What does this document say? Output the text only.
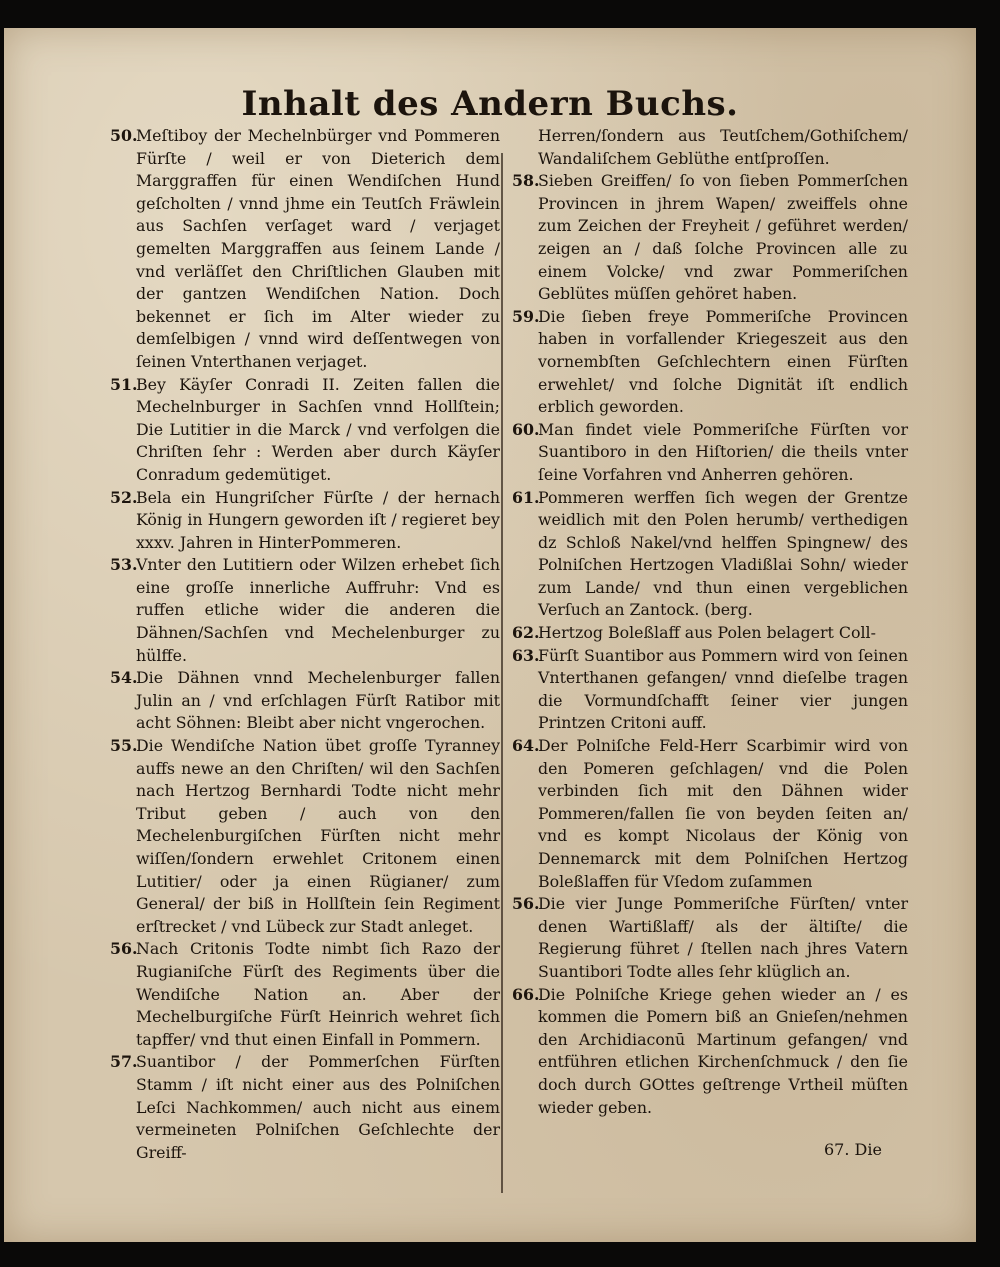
Inhalt des Andern Buchs.
50.
Meſtiboy der Mechelnbürger vnd Pommeren Fürſte / weil er von Dieterich dem Marggraffen für einen Wendiſchen Hund geſcholten / vnnd jhme ein Teutſch Fräwlein aus Sachſen verſaget ward / verjaget gemelten Marggraffen aus ſeinem Lande / vnd verläſſet den Chriſtlichen Glauben mit der gantzen Wendiſchen Nation. Doch bekennet er ſich im Alter wieder zu demſelbigen / vnnd wird deſſentwegen von ſeinen Vnterthanen verjaget.
51.
Bey Käyſer Conradi II. Zeiten fallen die Mechelnburger in Sachſen vnnd Hollſtein; Die Lutitier in die Marck / vnd verfolgen die Chriſten ſehr : Werden aber durch Käyſer Conradum gedemütiget.
52.
Bela ein Hungriſcher Fürſte / der hernach König in Hungern geworden iſt / regieret bey xxxv. Jahren in HinterPommeren.
53.
Vnter den Lutitiern oder Wilzen erhebet ſich eine groſſe innerliche Auffruhr: Vnd es ruffen etliche wider die anderen die Dähnen/Sachſen vnd Mechelenburger zu hülffe.
54.
Die Dähnen vnnd Mechelenburger fallen Julin an / vnd erſchlagen Fürſt Ratibor mit acht Söhnen: Bleibt aber nicht vngerochen.
55.
Die Wendiſche Nation übet groſſe Tyranney auffs newe an den Chriſten/ wil den Sachſen nach Hertzog Bernhardi Todte nicht mehr Tribut geben / auch von den Mechelenburgiſchen Fürſten nicht mehr wiſſen/ſondern erwehlet Critonem einen Lutitier/ oder ja einen Rügianer/ zum General/ der biß in Hollſtein ſein Regiment erſtrecket / vnd Lübeck zur Stadt anleget.
56.
Nach Critonis Todte nimbt ſich Razo der Rugianiſche Fürſt des Regiments über die Wendiſche Nation an. Aber der Mechelburgiſche Fürſt Heinrich wehret ſich tapffer/ vnd thut einen Einfall in Pommern.
57.
Suantibor / der Pommerſchen Fürſten Stamm / iſt nicht einer aus des Polniſchen Leſci Nachkommen/ auch nicht aus einem vermeineten Polniſchen Geſchlechte der Greiff-
Herren/ſondern aus Teutſchem/Gothiſchem/ Wandaliſchem Geblüthe entſproſſen.
58.
Sieben Greiffen/ ſo von ſieben Pommerſchen Provincen in jhrem Wapen/ zweiffels ohne zum Zeichen der Freyheit / geführet werden/ zeigen an / daß ſolche Provincen alle zu einem Volcke/ vnd zwar Pommeriſchen Geblütes müſſen gehöret haben.
59.
Die ſieben freye Pommeriſche Provincen haben in vorfallender Kriegeszeit aus den vornembſten Geſchlechtern einen Fürſten erwehlet/ vnd ſolche Dignität iſt endlich erblich geworden.
60.
Man findet viele Pommeriſche Fürſten vor Suantiboro in den Hiſtorien/ die theils vnter ſeine Vorfahren vnd Anherren gehören.
61.
Pommeren werffen ſich wegen der Grentze weidlich mit den Polen herumb/ verthedigen dz Schloß Nakel/vnd helffen Spingnew/ des Polniſchen Hertzogen Vladißlai Sohn/ wieder zum Lande/ vnd thun einen vergeblichen Verſuch an Zantock. (berg.
62.
Hertzog Boleßlaff aus Polen belagert Coll-
63.
Fürſt Suantibor aus Pommern wird von ſeinen Vnterthanen gefangen/ vnnd dieſelbe tragen die Vormundſchafft ſeiner vier jungen Printzen Critoni auff.
64.
Der Polniſche Feld-Herr Scarbimir wird von den Pomeren geſchlagen/ vnd die Polen verbinden ſich mit den Dähnen wider Pommeren/fallen ſie von beyden ſeiten an/ vnd es kompt Nicolaus der König von Dennemarck mit dem Polniſchen Hertzog Boleßlaffen für Vſedom zuſammen
56.
Die vier Junge Pommeriſche Fürſten/ vnter denen Wartißlaff/ als der ältiſte/ die Regierung führet / ſtellen nach jhres Vatern Suantibori Todte alles ſehr klüglich an.
66.
Die Polniſche Kriege gehen wieder an / es kommen die Pomern biß an Gnieſen/nehmen den Archidiaconū Martinum gefangen/ vnd entführen etlichen Kirchenſchmuck / den ſie doch durch GOttes geſtrenge Vrtheil müſten wieder geben.
67. Die
